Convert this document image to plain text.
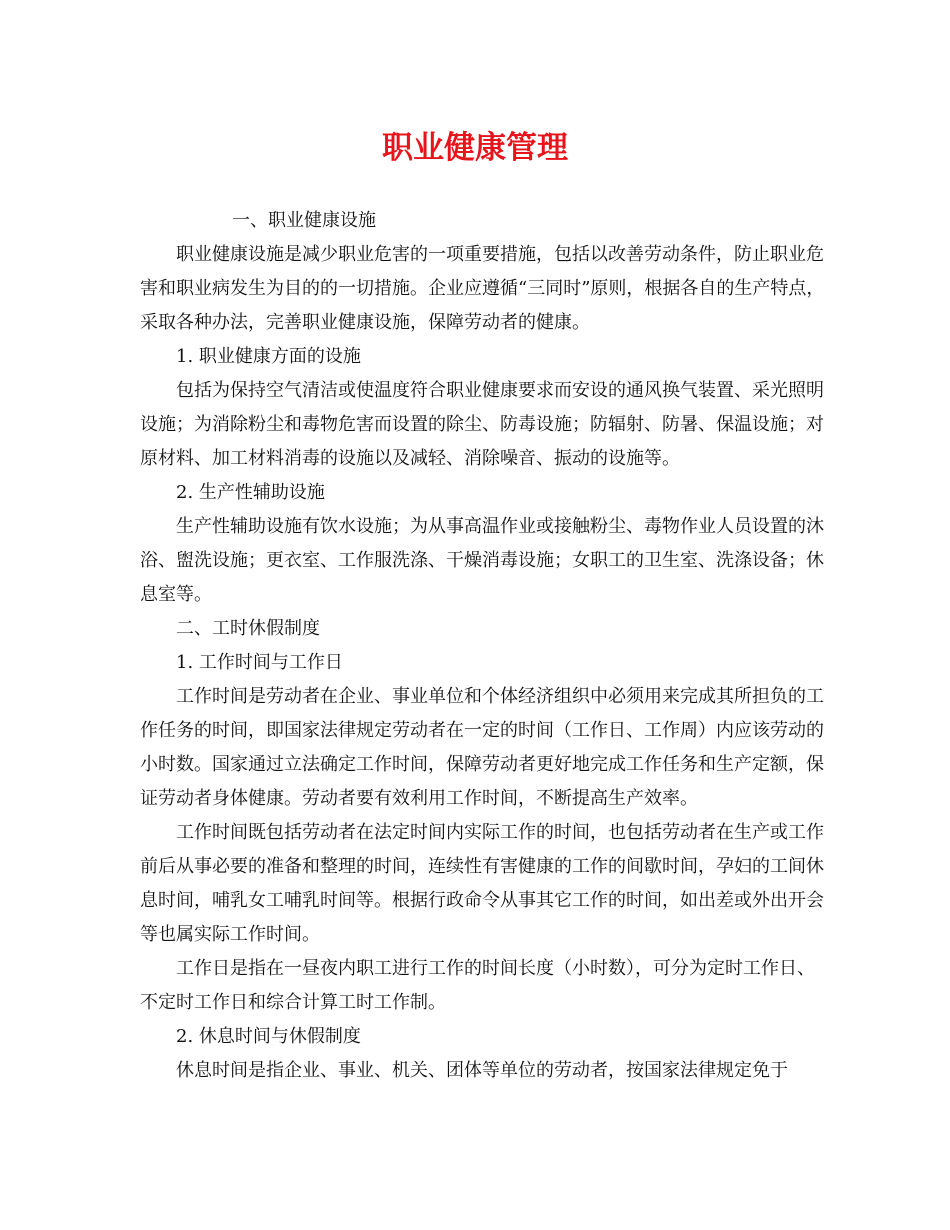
职业健康管理

一、职业健康设施

职业健康设施是减少职业危害的一项重要措施，包括以改善劳动条件，防止职业危害和职业病发生为目的的一切措施。企业应遵循“三同时”原则，根据各自的生产特点，采取各种办法，完善职业健康设施，保障劳动者的健康。

1. 职业健康方面的设施

包括为保持空气清洁或使温度符合职业健康要求而安设的通风换气装置、采光照明设施；为消除粉尘和毒物危害而设置的除尘、防毒设施；防辐射、防暑、保温设施；对原材料、加工材料消毒的设施以及减轻、消除噪音、振动的设施等。

2. 生产性辅助设施

生产性辅助设施有饮水设施；为从事高温作业或接触粉尘、毒物作业人员设置的沐浴、盥洗设施；更衣室、工作服洗涤、干燥消毒设施；女职工的卫生室、洗涤设备；休息室等。

二、工时休假制度

1. 工作时间与工作日

工作时间是劳动者在企业、事业单位和个体经济组织中必须用来完成其所担负的工作任务的时间，即国家法律规定劳动者在一定的时间（工作日、工作周）内应该劳动的小时数。国家通过立法确定工作时间，保障劳动者更好地完成工作任务和生产定额，保证劳动者身体健康。劳动者要有效利用工作时间，不断提高生产效率。

工作时间既包括劳动者在法定时间内实际工作的时间，也包括劳动者在生产或工作前后从事必要的准备和整理的时间，连续性有害健康的工作的间歇时间，孕妇的工间休息时间，哺乳女工哺乳时间等。根据行政命令从事其它工作的时间，如出差或外出开会等也属实际工作时间。

工作日是指在一昼夜内职工进行工作的时间长度（小时数），可分为定时工作日、不定时工作日和综合计算工时工作制。

2. 休息时间与休假制度

休息时间是指企业、事业、机关、团体等单位的劳动者，按国家法律规定免于
